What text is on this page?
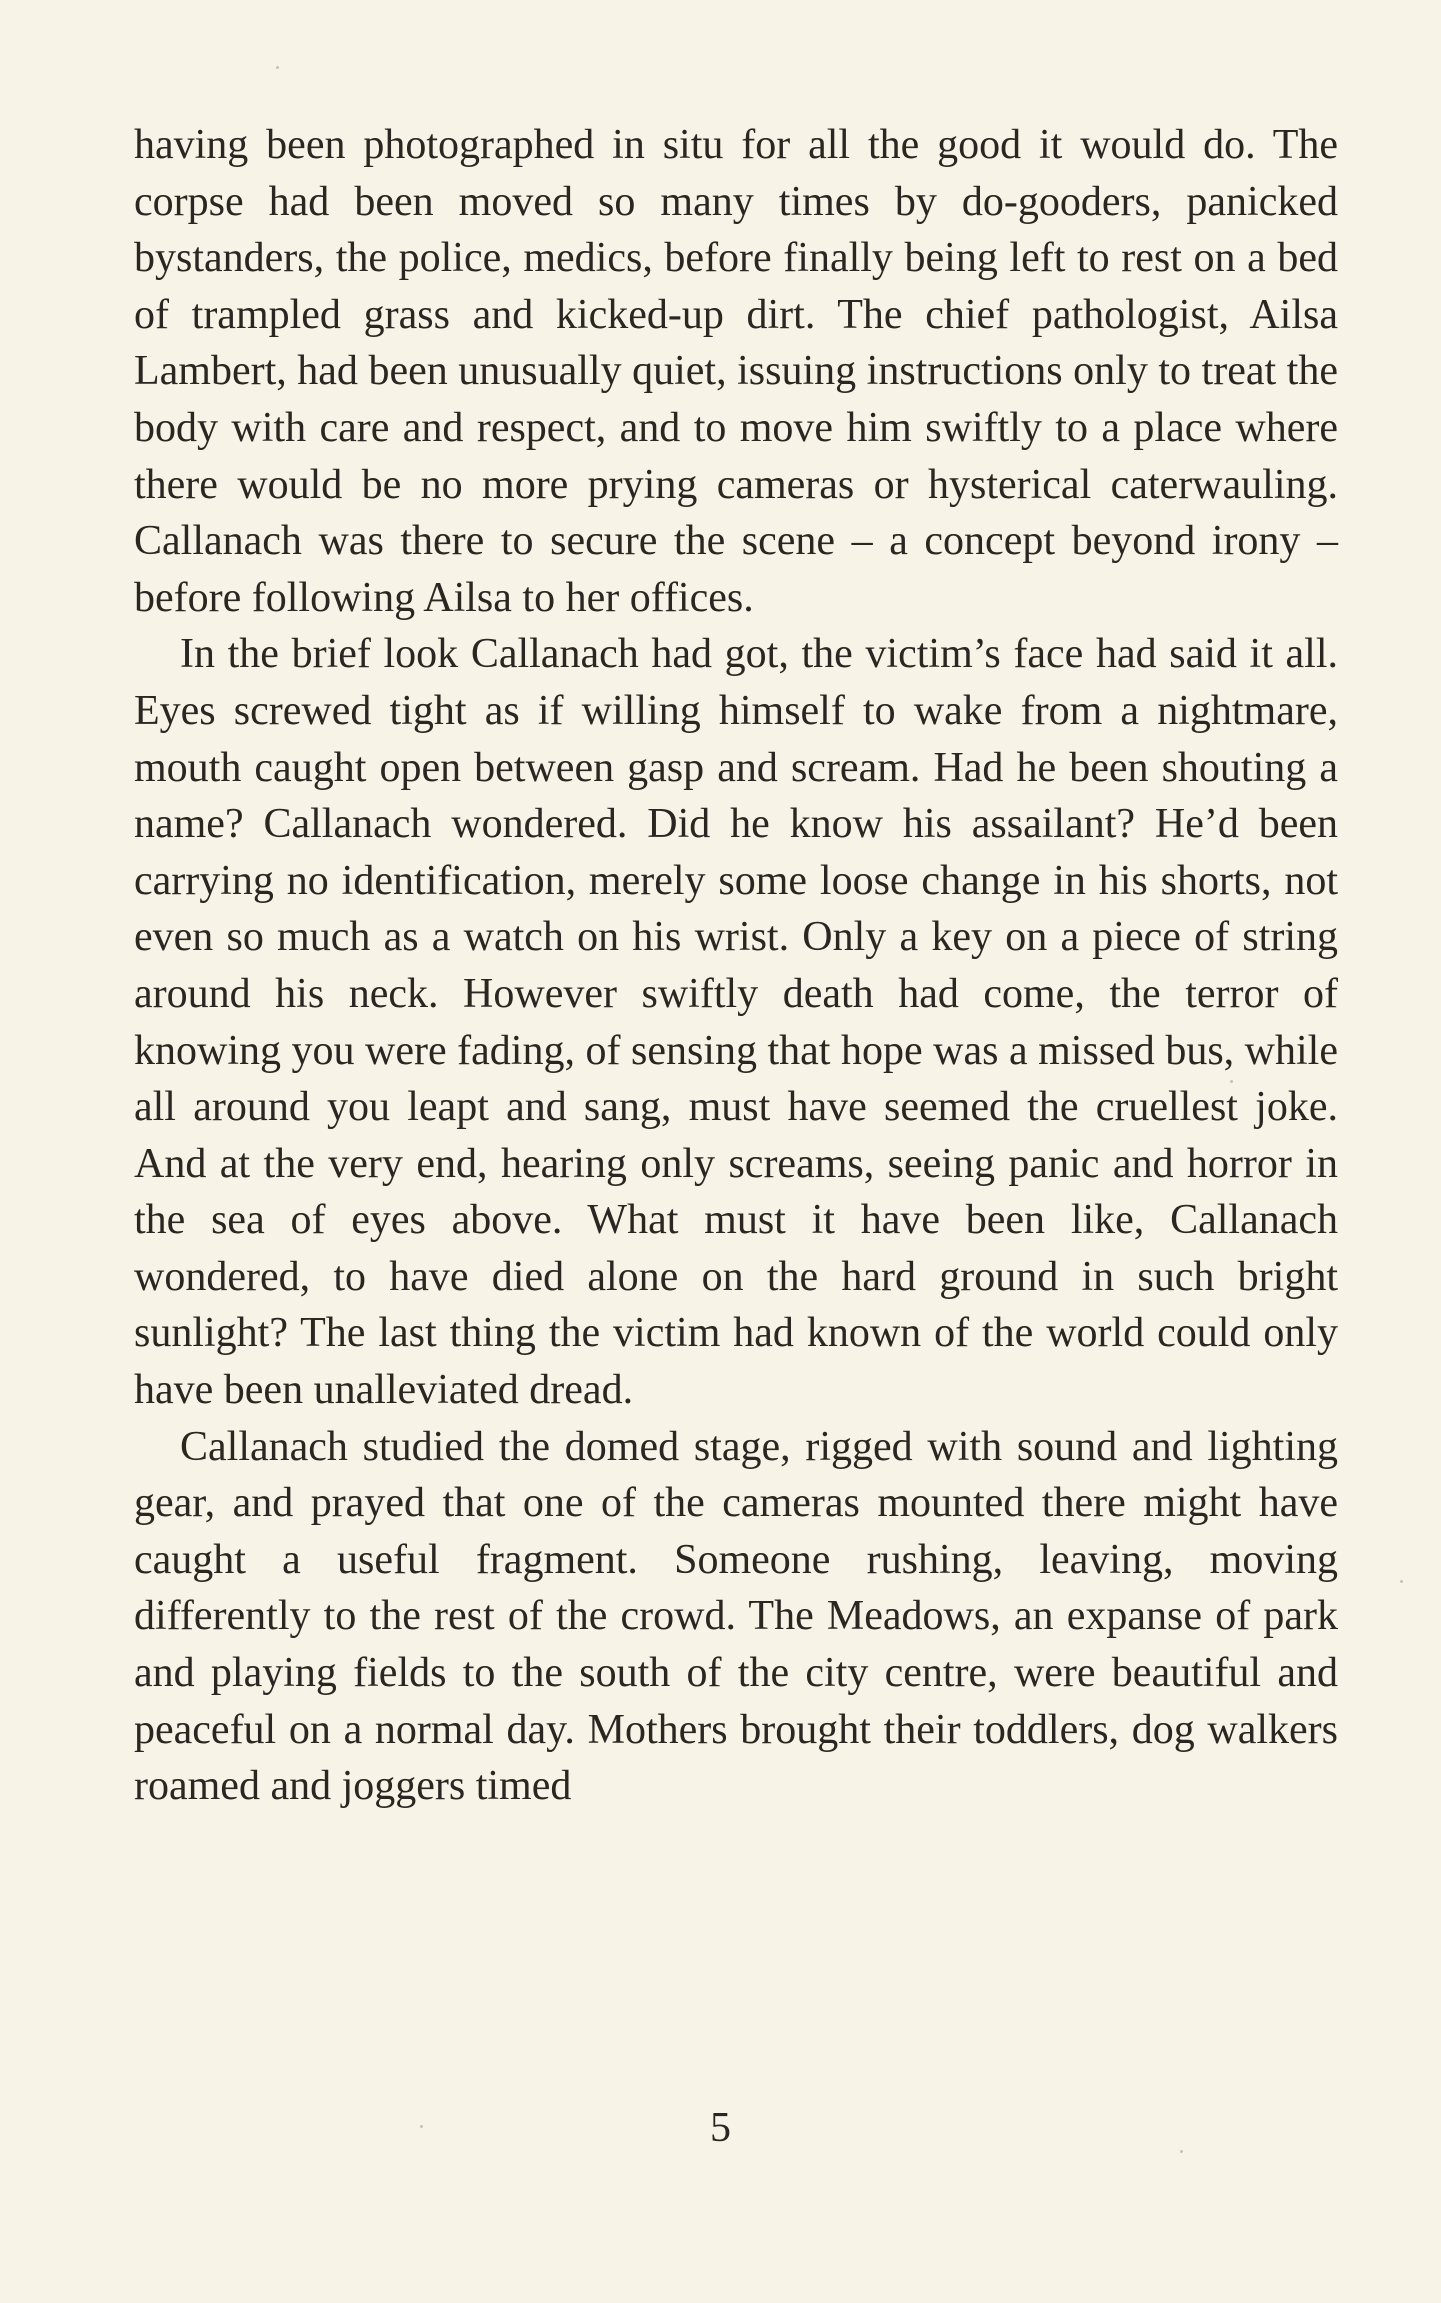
having been photographed in situ for all the good it would do. The corpse had been moved so many times by do-gooders, panicked bystanders, the police, medics, before finally being left to rest on a bed of trampled grass and kicked-up dirt. The chief pathologist, Ailsa Lambert, had been unusually quiet, issuing instructions only to treat the body with care and respect, and to move him swiftly to a place where there would be no more prying cameras or hysterical caterwauling. Callanach was there to secure the scene – a concept beyond irony – before following Ailsa to her offices.

In the brief look Callanach had got, the victim’s face had said it all. Eyes screwed tight as if willing himself to wake from a nightmare, mouth caught open between gasp and scream. Had he been shouting a name? Callanach wondered. Did he know his assailant? He’d been carrying no identification, merely some loose change in his shorts, not even so much as a watch on his wrist. Only a key on a piece of string around his neck. However swiftly death had come, the terror of knowing you were fading, of sensing that hope was a missed bus, while all around you leapt and sang, must have seemed the cruellest joke. And at the very end, hearing only screams, seeing panic and horror in the sea of eyes above. What must it have been like, Callanach wondered, to have died alone on the hard ground in such bright sunlight? The last thing the victim had known of the world could only have been unalleviated dread.

Callanach studied the domed stage, rigged with sound and lighting gear, and prayed that one of the cameras mounted there might have caught a useful fragment. Someone rushing, leaving, moving differently to the rest of the crowd. The Meadows, an expanse of park and playing fields to the south of the city centre, were beautiful and peaceful on a normal day. Mothers brought their toddlers, dog walkers roamed and joggers timed

5
